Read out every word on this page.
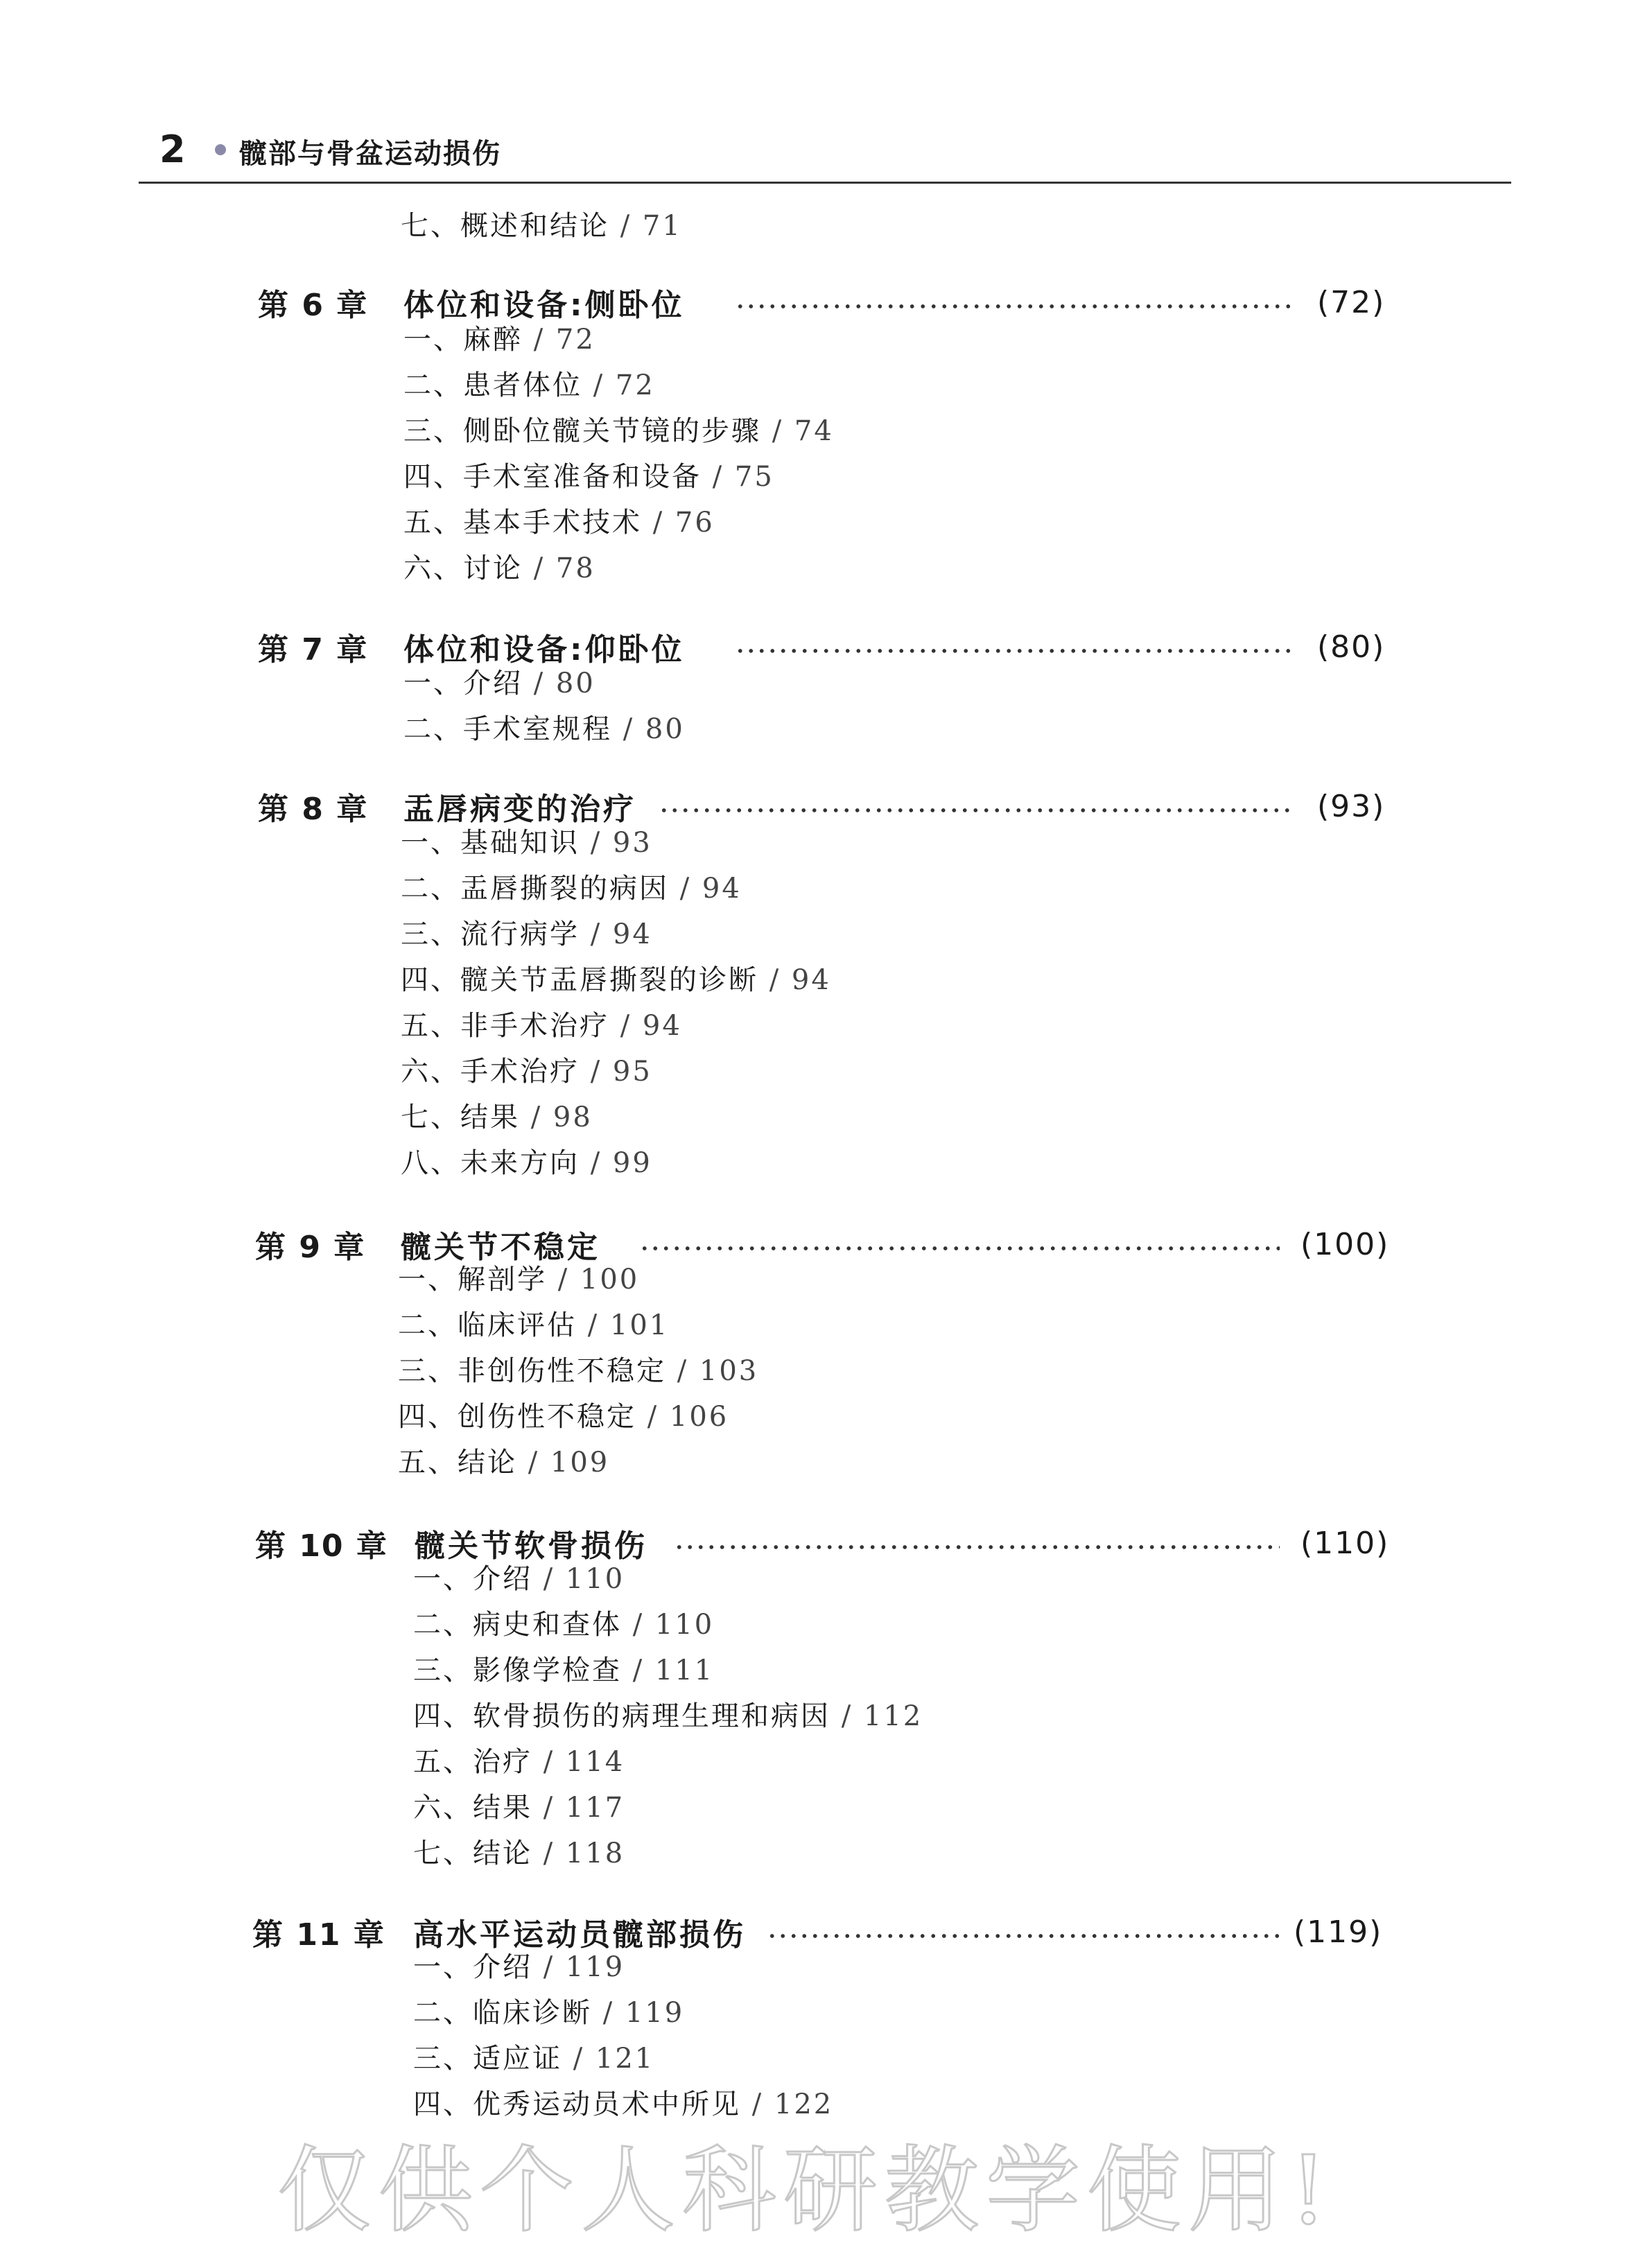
2 髋部与骨盆运动损伤
七、概述和结论 / 71
第 6 章 体位和设备:侧卧位	(72)
一、麻醉 / 72
二、患者体位 / 72
三、侧卧位髋关节镜的步骤 / 74
四、手术室准备和设备 / 75
五、基本手术技术 / 76
六、讨论 / 78
第 7 章 体位和设备:仰卧位	(80)
一、介绍 / 80
二、手术室规程 / 80
第 8 章 盂唇病变的治疗	(93)
一、基础知识 / 93
二、盂唇撕裂的病因 / 94
三、流行病学 / 94
四、髋关节盂唇撕裂的诊断 / 94
五、非手术治疗 / 94
六、手术治疗 / 95
七、结果 / 98
八、未来方向 / 99
第 9 章 髋关节不稳定	(100)
一、解剖学 / 100
二、临床评估 / 101
三、非创伤性不稳定 / 103
四、创伤性不稳定 / 106
五、结论 / 109
第 10 章 髋关节软骨损伤	(110)
一、介绍 / 110
二、病史和查体 / 110
三、影像学检查 / 111
四、软骨损伤的病理生理和病因 / 112
五、治疗 / 114
六、结果 / 117
七、结论 / 118
第 11 章 高水平运动员髋部损伤	(119)
一、介绍 / 119
二、临床诊断 / 119
三、适应证 / 121
四、优秀运动员术中所见 / 122
仅供个人科研教学使用!
